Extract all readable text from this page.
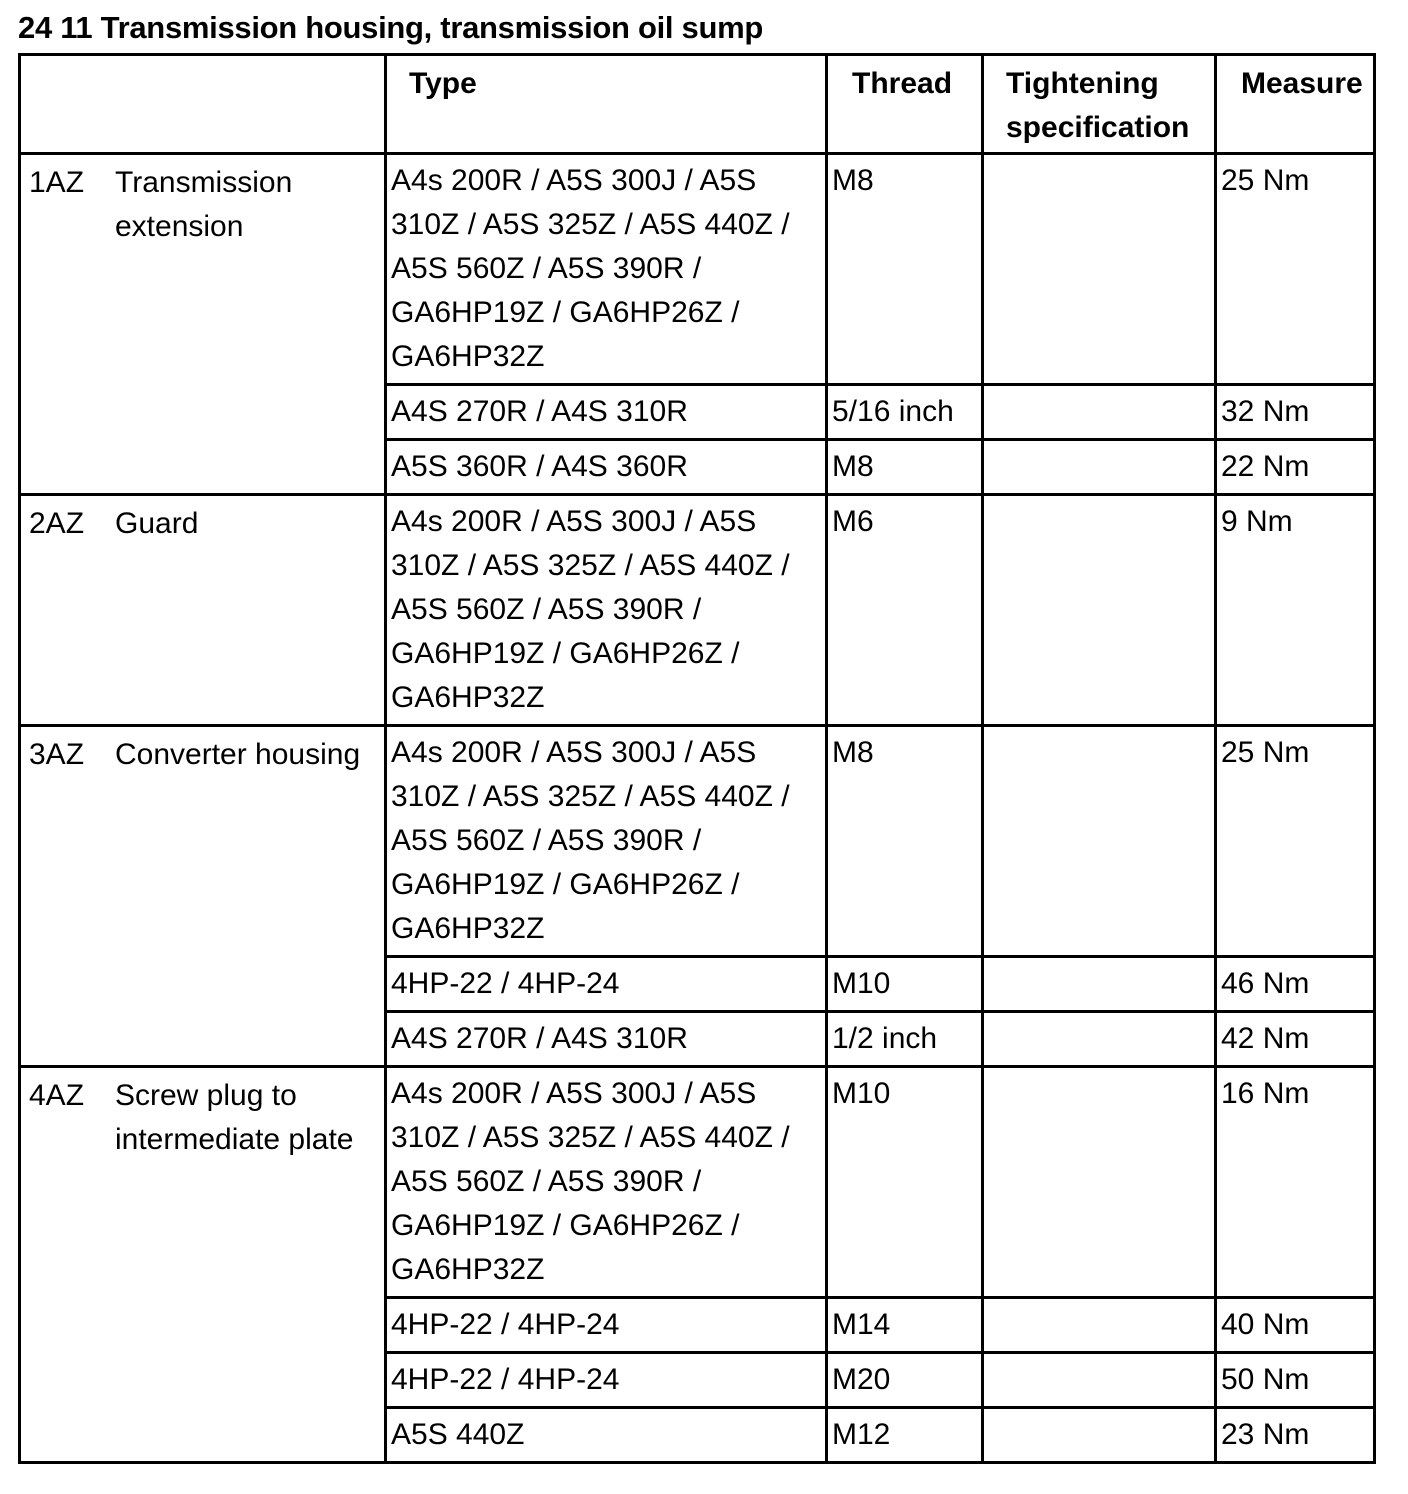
24 11 Transmission housing, transmission oil sump
	Type	Thread	Tightening specification	Measure

1AZ Transmission extension	A4s 200R / A5S 300J / A5S 310Z / A5S 325Z / A5S 440Z / A5S 560Z / A5S 390R / GA6HP19Z / GA6HP26Z / GA6HP32Z	M8		25 Nm
	A4S 270R / A4S 310R	5/16 inch		32 Nm
	A5S 360R / A4S 360R	M8		22 Nm

2AZ Guard	A4s 200R / A5S 300J / A5S 310Z / A5S 325Z / A5S 440Z / A5S 560Z / A5S 390R / GA6HP19Z / GA6HP26Z / GA6HP32Z	M6		9 Nm

3AZ Converter housing	A4s 200R / A5S 300J / A5S 310Z / A5S 325Z / A5S 440Z / A5S 560Z / A5S 390R / GA6HP19Z / GA6HP26Z / GA6HP32Z	M8		25 Nm
	4HP-22 / 4HP-24	M10		46 Nm
	A4S 270R / A4S 310R	1/2 inch		42 Nm

4AZ Screw plug to intermediate plate	A4s 200R / A5S 300J / A5S 310Z / A5S 325Z / A5S 440Z / A5S 560Z / A5S 390R / GA6HP19Z / GA6HP26Z / GA6HP32Z	M10		16 Nm
	4HP-22 / 4HP-24	M14		40 Nm
	4HP-22 / 4HP-24	M20		50 Nm
	A5S 440Z	M12		23 Nm
